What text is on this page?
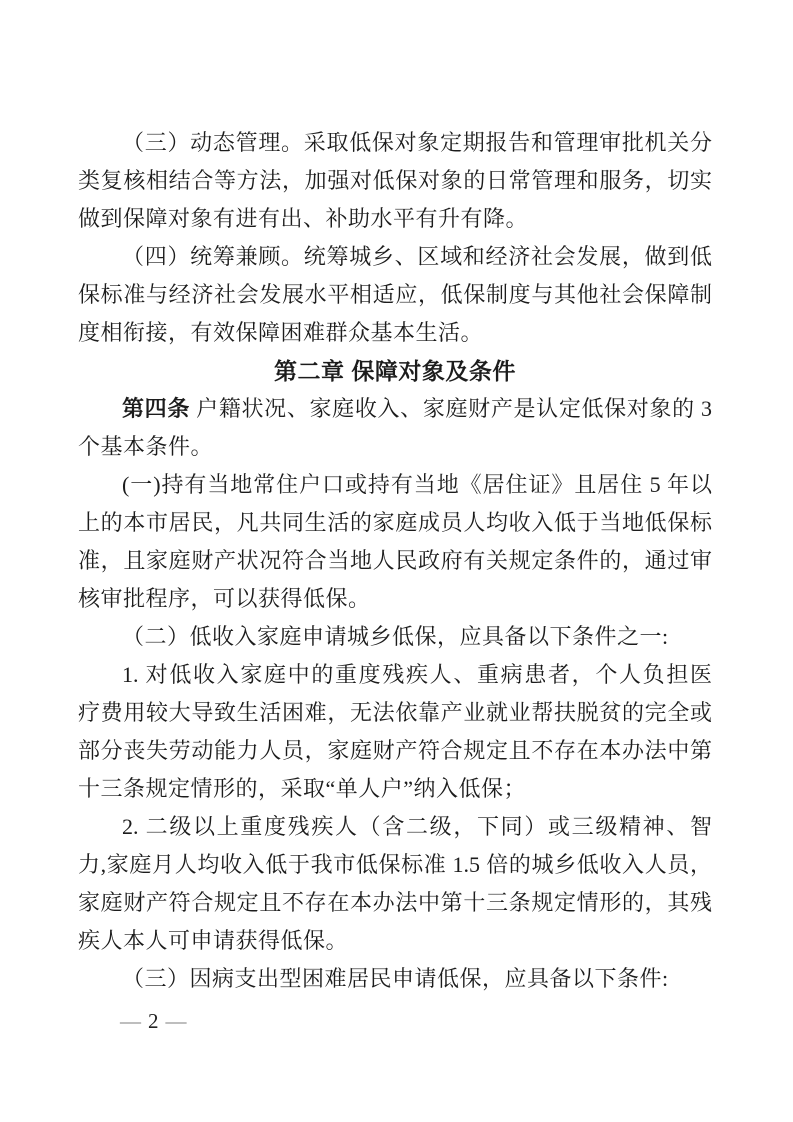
（三）动态管理。采取低保对象定期报告和管理审批机关分
类复核相结合等方法，加强对低保对象的日常管理和服务，切实
做到保障对象有进有出、补助水平有升有降。
（四）统筹兼顾。统筹城乡、区域和经济社会发展，做到低
保标准与经济社会发展水平相适应，低保制度与其他社会保障制
度相衔接，有效保障困难群众基本生活。
第二章 保障对象及条件
第四条 户籍状况、家庭收入、家庭财产是认定低保对象的 3
个基本条件。
(一)持有当地常住户口或持有当地《居住证》且居住 5 年以
上的本市居民，凡共同生活的家庭成员人均收入低于当地低保标
准，且家庭财产状况符合当地人民政府有关规定条件的，通过审
核审批程序，可以获得低保。
（二）低收入家庭申请城乡低保，应具备以下条件之一:
1. 对低收入家庭中的重度残疾人、重病患者，个人负担医
疗费用较大导致生活困难，无法依靠产业就业帮扶脱贫的完全或
部分丧失劳动能力人员，家庭财产符合规定且不存在本办法中第
十三条规定情形的，采取“单人户”纳入低保；
2. 二级以上重度残疾人（含二级，下同）或三级精神、智
力,家庭月人均收入低于我市低保标准 1.5 倍的城乡低收入人员，
家庭财产符合规定且不存在本办法中第十三条规定情形的，其残
疾人本人可申请获得低保。
（三）因病支出型困难居民申请低保，应具备以下条件:
— 2 —
